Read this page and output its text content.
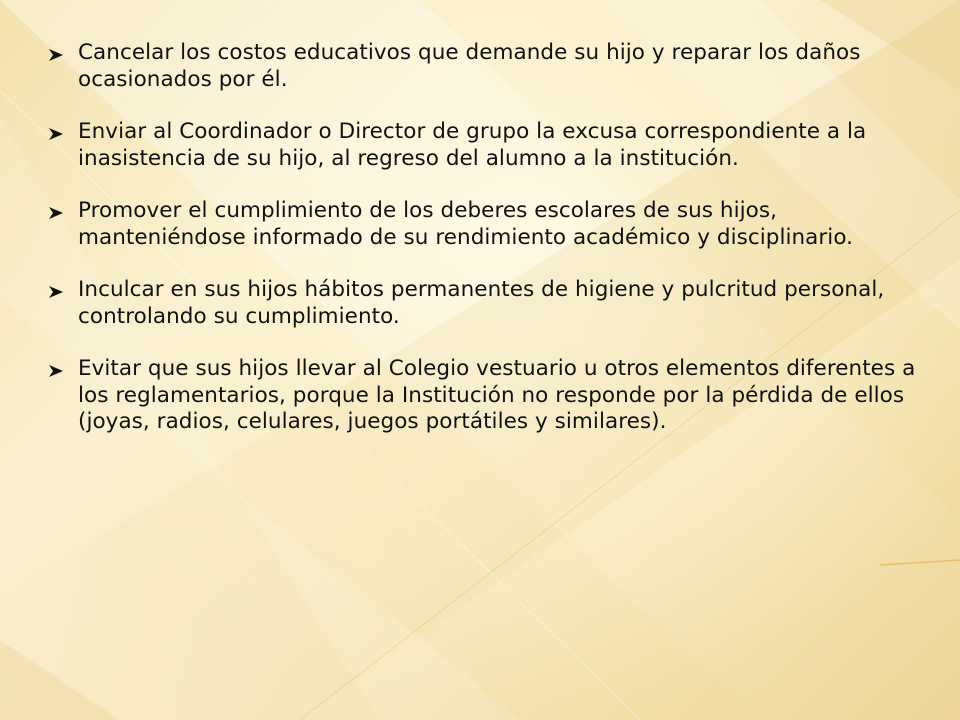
Cancelar los costos educativos que demande su hijo y reparar los daños ocasionados por él.
Enviar al Coordinador o Director de grupo la excusa correspondiente a la inasistencia de su hijo, al regreso del alumno a la institución.
Promover el cumplimiento de los deberes escolares de sus hijos, manteniéndose informado de su rendimiento académico y disciplinario.
Inculcar en sus hijos hábitos permanentes de higiene y pulcritud personal, controlando su cumplimiento.
Evitar que sus hijos llevar al Colegio vestuario u otros elementos diferentes a los reglamentarios, porque la Institución no responde por la pérdida de ellos (joyas, radios, celulares, juegos portátiles y similares).
